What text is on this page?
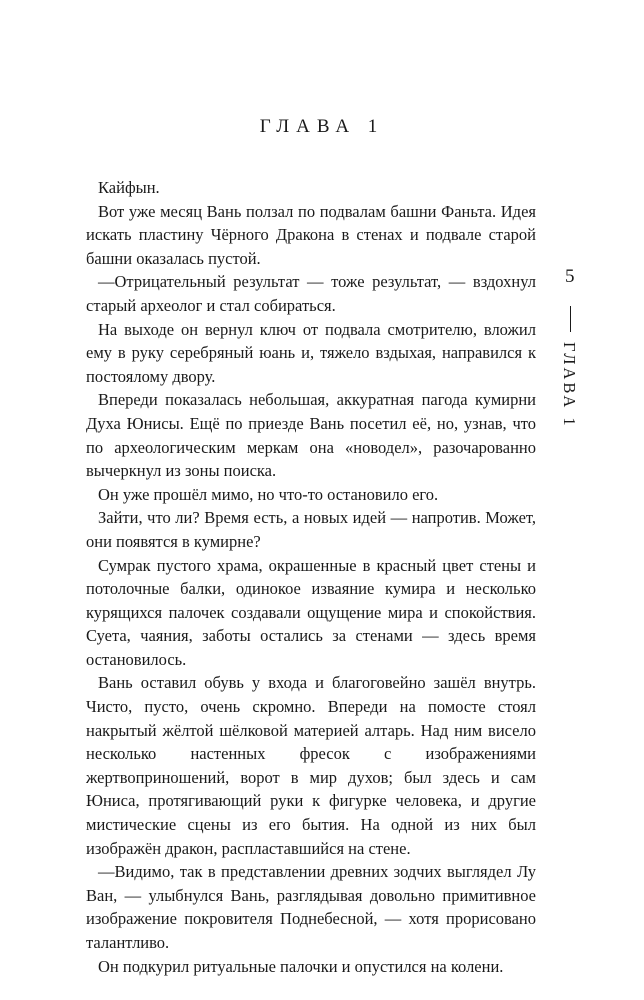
ГЛАВА 1
5
ГЛАВА 1

Кайфын.

Вот уже месяц Вань ползал по подвалам башни Фаньта. Идея искать пластину Чёрного Дракона в стенах и подвале старой башни оказалась пустой.

—Отрицательный результат — тоже результат, — вздохнул старый археолог и стал собираться.

На выходе он вернул ключ от подвала смотрителю, вложил ему в руку серебряный юань и, тяжело вздыхая, направился к постоялому двору.

Впереди показалась небольшая, аккуратная пагода кумирни Духа Юнисы. Ещё по приезде Вань посетил её, но, узнав, что по археологическим меркам она «новодел», разочарованно вычеркнул из зоны поиска.

Он уже прошёл мимо, но что-то остановило его.

Зайти, что ли? Время есть, а новых идей — напротив. Может, они появятся в кумирне?

Сумрак пустого храма, окрашенные в красный цвет стены и потолочные балки, одинокое изваяние кумира и несколько курящихся палочек создавали ощущение мира и спокойствия. Суета, чаяния, заботы остались за стенами — здесь время остановилось.

Вань оставил обувь у входа и благоговейно зашёл внутрь. Чисто, пусто, очень скромно. Впереди на помосте стоял накрытый жёлтой шёлковой материей алтарь. Над ним висело несколько настенных фресок с изображениями жертвоприношений, ворот в мир духов; был здесь и сам Юниса, протягивающий руки к фигурке человека, и другие мистические сцены из его бытия. На одной из них был изображён дракон, распластавшийся на стене.

—Видимо, так в представлении древних зодчих выглядел Лу Ван, — улыбнулся Вань, разглядывая довольно примитивное изображение покровителя Поднебесной, — хотя прорисовано талантливо.

Он подкурил ритуальные палочки и опустился на колени.
